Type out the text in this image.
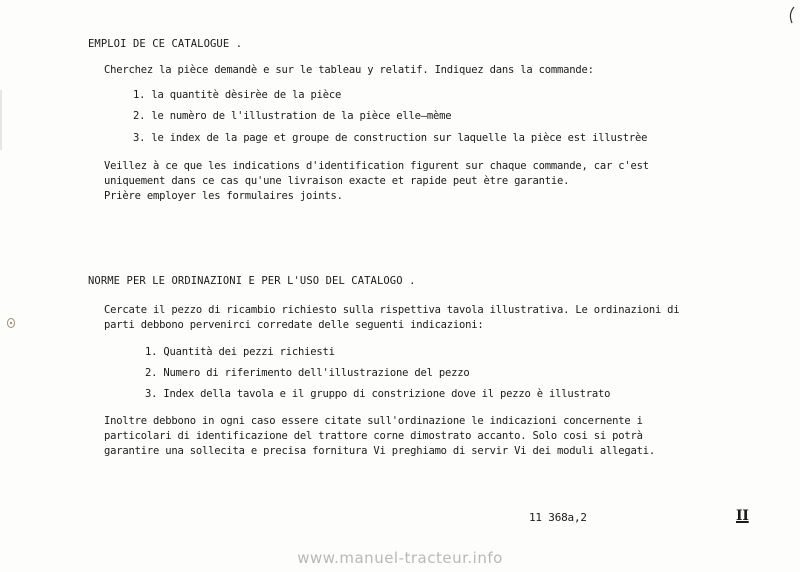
EMPLOI DE CE CATALOGUE .
Cherchez la pièce demandè e sur le tableau y relatif. Indiquez dans la commande:
1. la quantitè dèsirèe de la pièce
2. le numèro de l'illustration de la pièce elle—mème
3. le index de la page et groupe de construction sur laquelle la pièce est illustrèe
Veillez à ce que les indications d'identification figurent sur chaque commande, car c'est
uniquement dans ce cas qu'une livraison exacte et rapide peut ètre garantie.
Prière employer les formulaires joints.
NORME PER LE ORDINAZIONI E PER L'USO DEL CATALOGO .
Cercate il pezzo di ricambio richiesto sulla rispettiva tavola illustrativa. Le ordinazioni di
parti debbono pervenirci corredate delle seguenti indicazioni:
1. Quantità dei pezzi richiesti
2. Numero di riferimento dell'illustrazione del pezzo
3. Index della tavola e il gruppo di constrizione dove il pezzo è illustrato
Inoltre debbono in ogni caso essere citate sull'ordinazione le indicazioni concernente i
particolari di identificazione del trattore corne dimostrato accanto. Solo cosi si potrà
garantire una sollecita e precisa fornitura Vi preghiamo di servir Vi dei moduli allegati.
11 368a,2	II
www.manuel-tracteur.info
